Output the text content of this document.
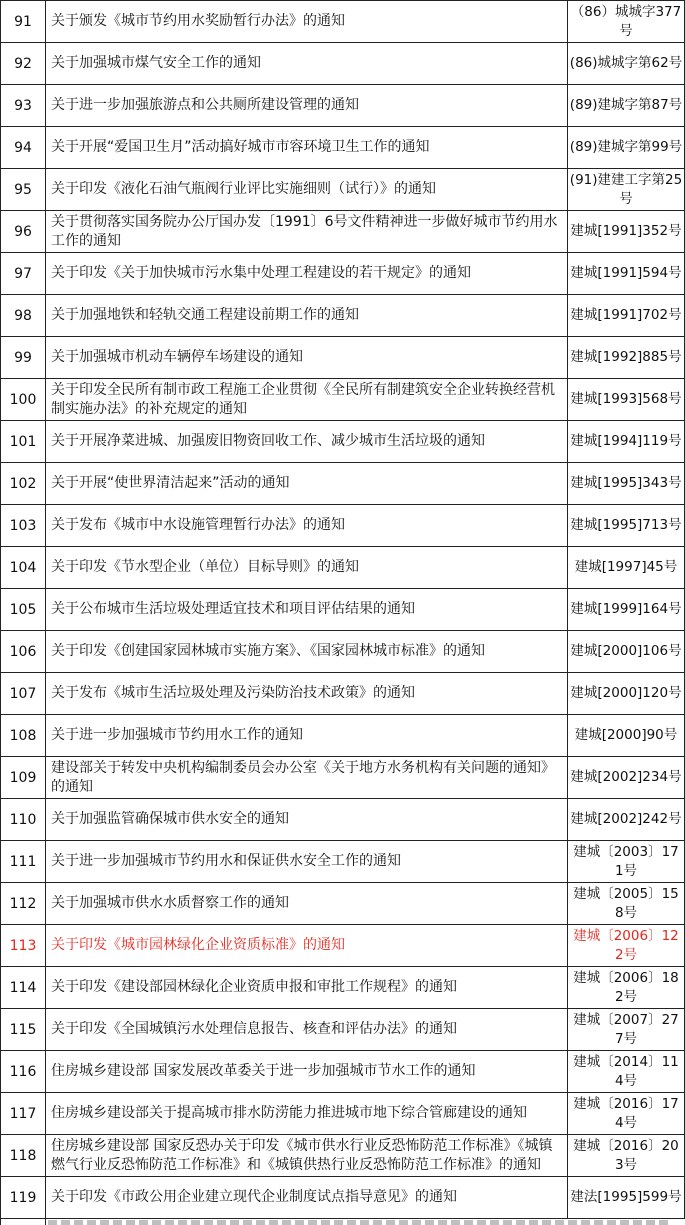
91	关于颁发《城市节约用水奖励暂行办法》的通知	（86）城城字377号

92	关于加强城市煤气安全工作的通知	(86)城城字第62号

93	关于进一步加强旅游点和公共厕所建设管理的通知	(89)建城字第87号

94	关于开展“爱国卫生月”活动搞好城市市容环境卫生工作的通知	(89)建城字第99号

95	关于印发《液化石油气瓶阀行业评比实施细则（试行）》的通知	(91)建建工字第25号

96	关于贯彻落实国务院办公厅国办发〔1991〕6号文件精神进一步做好城市节约用水工作的通知	建城[1991]352号

97	关于印发《关于加快城市污水集中处理工程建设的若干规定》的通知	建城[1991]594号

98	关于加强地铁和轻轨交通工程建设前期工作的通知	建城[1991]702号

99	关于加强城市机动车辆停车场建设的通知	建城[1992]885号

100	关于印发全民所有制市政工程施工企业贯彻《全民所有制建筑安全企业转换经营机制实施办法》的补充规定的通知	建城[1993]568号

101	关于开展净菜进城、加强废旧物资回收工作、减少城市生活垃圾的通知	建城[1994]119号

102	关于开展“使世界清洁起来”活动的通知	建城[1995]343号

103	关于发布《城市中水设施管理暂行办法》的通知	建城[1995]713号

104	关于印发《节水型企业（单位）目标导则》的通知	建城[1997]45号

105	关于公布城市生活垃圾处理适宜技术和项目评估结果的通知	建城[1999]164号

106	关于印发《创建国家园林城市实施方案》、《国家园林城市标准》的通知	建城[2000]106号

107	关于发布《城市生活垃圾处理及污染防治技术政策》的通知	建城[2000]120号

108	关于进一步加强城市节约用水工作的通知	建城[2000]90号

109	建设部关于转发中央机构编制委员会办公室《关于地方水务机构有关问题的通知》的通知	建城[2002]234号

110	关于加强监管确保城市供水安全的通知	建城[2002]242号

111	关于进一步加强城市节约用水和保证供水安全工作的通知	建城〔2003〕171号

112	关于加强城市供水水质督察工作的通知	建城〔2005〕158号

113	关于印发《城市园林绿化企业资质标准》的通知	建城〔2006〕122号

114	关于印发《建设部园林绿化企业资质申报和审批工作规程》的通知	建城〔2006〕182号

115	关于印发《全国城镇污水处理信息报告、核查和评估办法》的通知	建城〔2007〕277号

116	住房城乡建设部 国家发展改革委关于进一步加强城市节水工作的通知	建城〔2014〕114号

117	住房城乡建设部关于提高城市排水防涝能力推进城市地下综合管廊建设的通知	建城〔2016〕174号

118	住房城乡建设部 国家反恐办关于印发《城市供水行业反恐怖防范工作标准》《城镇燃气行业反恐怖防范工作标准》和《城镇供热行业反恐怖防范工作标准》的通知	建城〔2016〕203号

119	关于印发《市政公用企业建立现代企业制度试点指导意见》的通知	建法[1995]599号
